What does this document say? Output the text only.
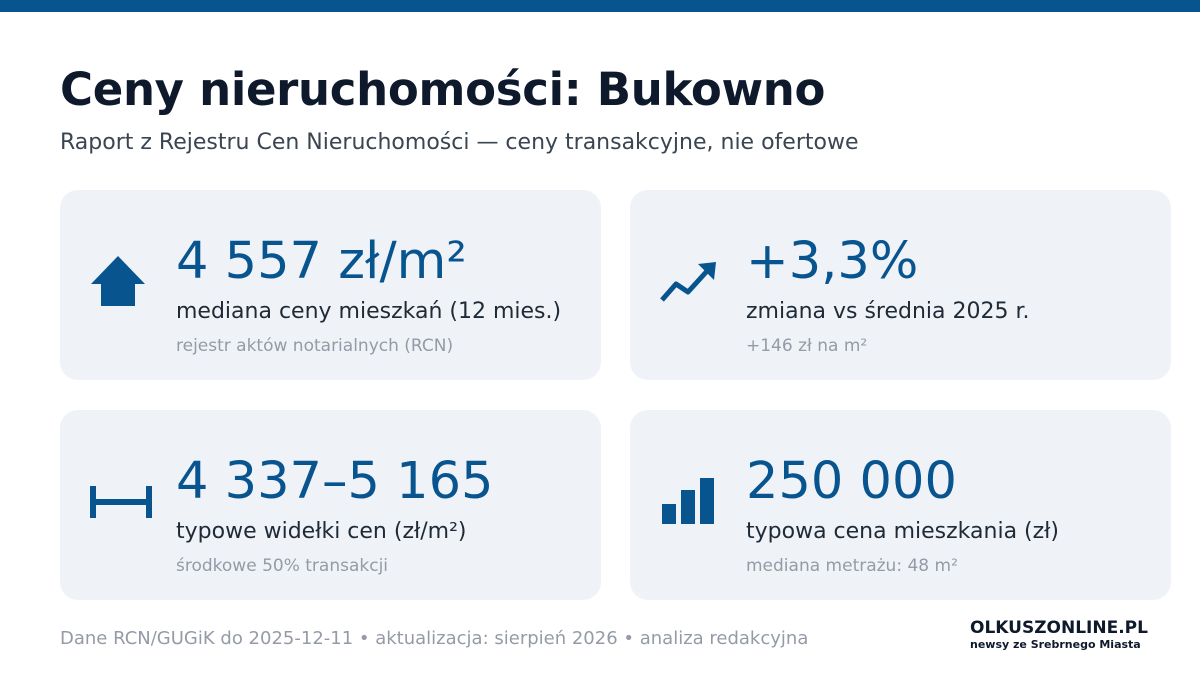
Ceny nieruchomości: Bukowno
Raport z Rejestru Cen Nieruchomości — ceny transakcyjne, nie ofertowe
4 557 zł/m²
mediana ceny mieszkań (12 mies.)
rejestr aktów notarialnych (RCN)
+3,3%
zmiana vs średnia 2025 r.
+146 zł na m²
4 337–5 165
typowe widełki cen (zł/m²)
środkowe 50% transakcji
250 000
typowa cena mieszkania (zł)
mediana metrażu: 48 m²
Dane RCN/GUGiK do 2025-12-11 • aktualizacja: sierpień 2026 • analiza redakcyjna	OLKUSZONLINE.PL
newsy ze Srebrnego Miasta
